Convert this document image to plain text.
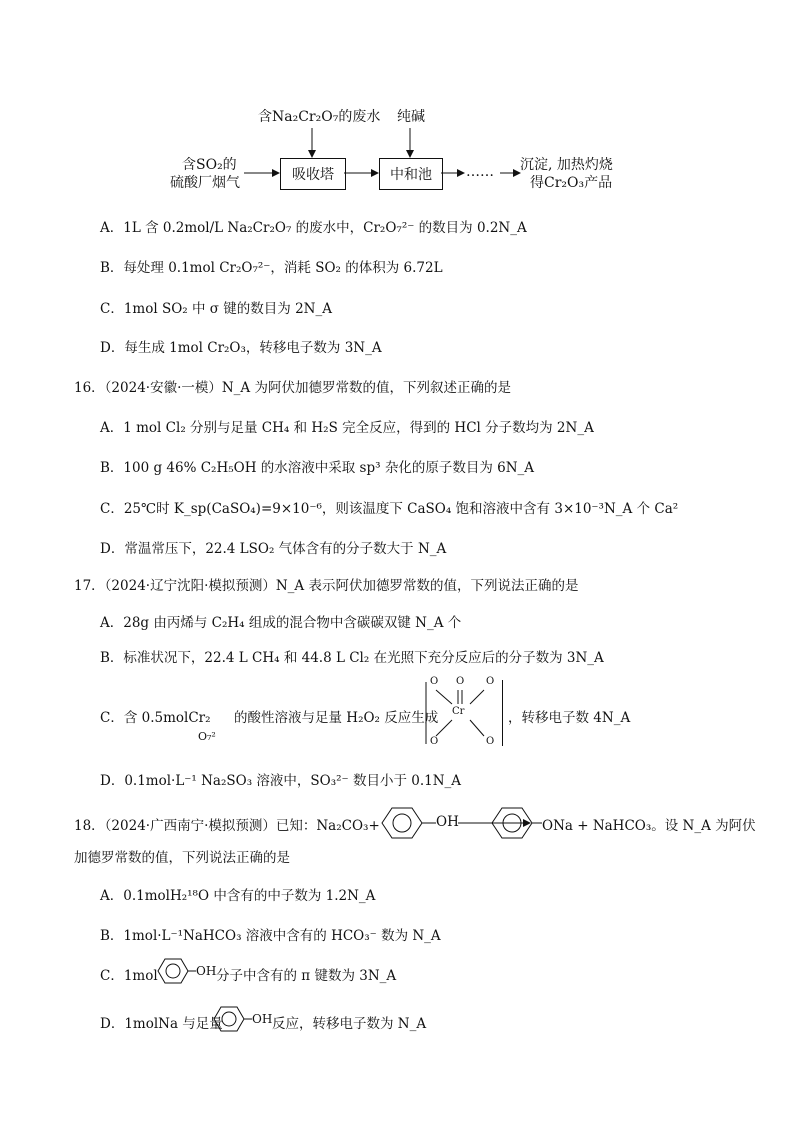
含Na₂Cr₂O₇的废水 纯碱
含SO₂的
硫酸厂烟气	吸收塔	中和池	…… 沉淀, 加热灼烧
得Cr₂O₃产品
A．1L 含 0.2mol/L Na₂Cr₂O₇ 的废水中，Cr₂O₇²⁻ 的数目为 0.2N_A
B．每处理 0.1mol Cr₂O₇²⁻，消耗 SO₂ 的体积为 6.72L
C．1mol SO₂ 中 σ 键的数目为 2N_A
D．每生成 1mol Cr₂O₃，转移电子数为 3N_A
16．（2024·安徽·一模）N_A 为阿伏加德罗常数的值，下列叙述正确的是
A．1 mol Cl₂ 分别与足量 CH₄ 和 H₂S 完全反应，得到的 HCl 分子数均为 2N_A
B．100 g 46% C₂H₅OH 的水溶液中采取 sp³ 杂化的原子数目为 6N_A
C．25℃时 K_sp(CaSO₄)=9×10⁻⁶，则该温度下 CaSO₄ 饱和溶液中含有 3×10⁻³N_A 个 Ca²
D．常温常压下，22.4 LSO₂ 气体含有的分子数大于 N_A
17．（2024·辽宁沈阳·模拟预测）N_A 表示阿伏加德罗常数的值，下列说法正确的是
A．28g 由丙烯与 C₂H₄ 组成的混合物中含碳碳双键 N_A 个
B．标准状况下，22.4 L CH₄ 和 44.8 L Cl₂ 在光照下充分反应后的分子数为 3N_A
C．含 0.5molCr₂
O₇²
的酸性溶液与足量 H₂O₂ 反应生成
O O O
Cr
O	O
，转移电子数 4N_A
D．0.1mol·L⁻¹ Na₂SO₃ 溶液中，SO₃²⁻ 数目小于 0.1N_A
18．（2024·广西南宁·模拟预测）已知：Na₂CO₃+	OH	ONa + NaHCO₃。设 N_A 为阿伏
加德罗常数的值，下列说法正确的是
A．0.1molH₂¹⁸O 中含有的中子数为 1.2N_A
B．1mol·L⁻¹NaHCO₃ 溶液中含有的 HCO₃⁻ 数为 N_A
C．1mol	OH 分子中含有的 π 键数为 3N_A
D．1molNa 与足量 OH 反应，转移电子数为 N_A
